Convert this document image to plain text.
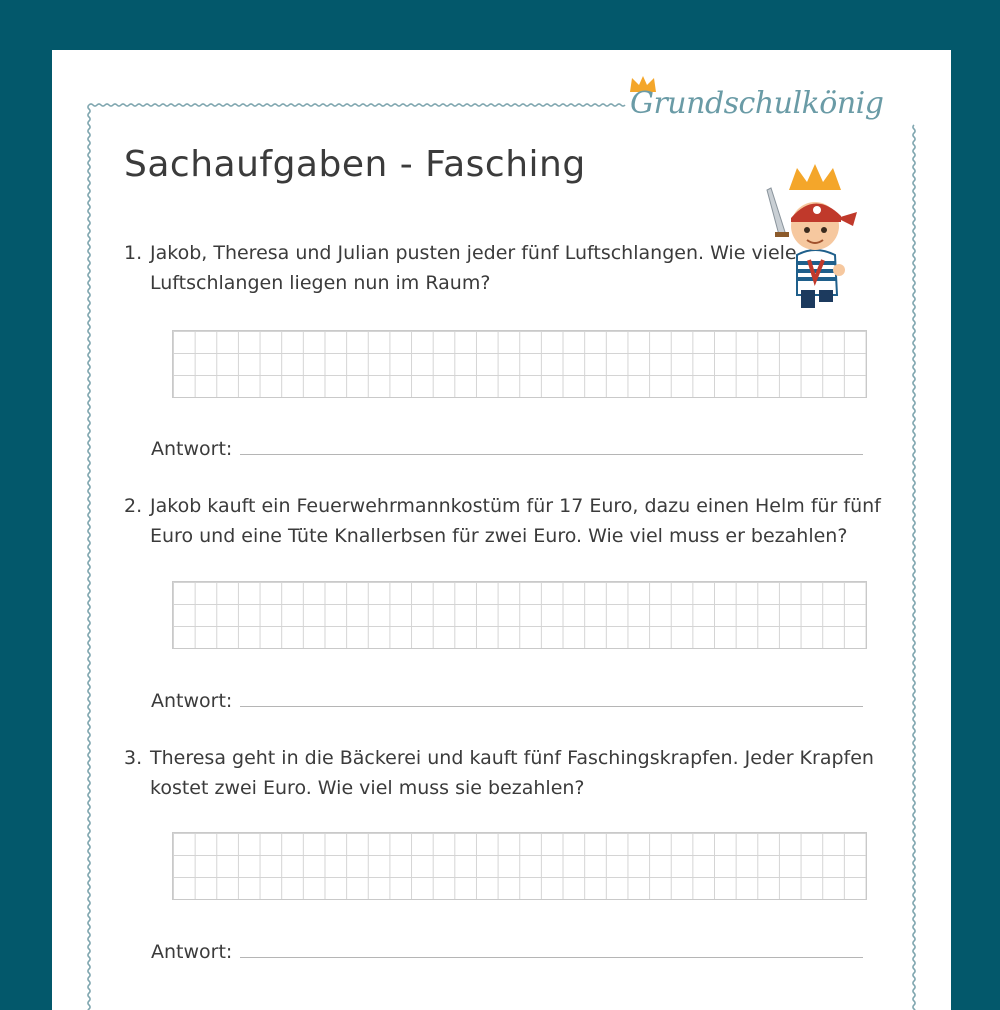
Grundschulkönig
Sachaufgaben - Fasching

1. Jakob, Theresa und Julian pusten jeder fünf Luftschlangen. Wie viele Luftschlangen liegen nun im Raum?

Antwort:

2. Jakob kauft ein Feuerwehrmannkostüm für 17 Euro, dazu einen Helm für fünf Euro und eine Tüte Knallerbsen für zwei Euro. Wie viel muss er bezahlen?

Antwort:

3. Theresa geht in die Bäckerei und kauft fünf Faschingskrapfen. Jeder Krapfen kostet zwei Euro. Wie viel muss sie bezahlen?

Antwort:
